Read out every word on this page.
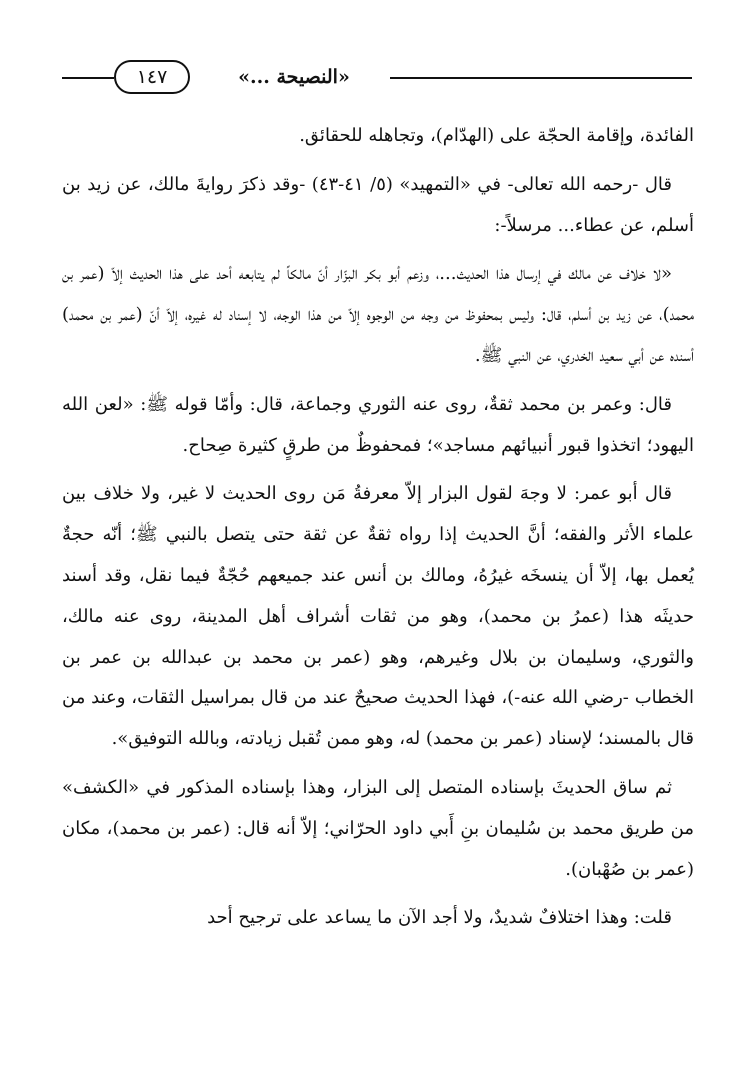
١٤٧	«النصيحة ...»

الفائدة، وإقامة الحجّة على (الهدّام)، وتجاهله للحقائق.

قال -رحمه الله تعالى- في «التمهيد» (٥/ ٤١-٤٣) -وقد ذكرَ روايةَ مالك، عن زيد بن أسلم، عن عطاء... مرسلاً-:

«لا خلاف عن مالك في إرسال هذا الحديث...، وزعم أبو بكر البزّار أنّ مالكاً لم يتابعه أحد على هذا الحديث إلاّ (عمر بن محمد)، عن زيد بن أسلم، قال: وليس بمحفوظ من وجه من الوجوه إلاّ من هذا الوجه، لا إسناد له غيره، إلاّ أنّ (عمر بن محمد) أسنده عن أبي سعيد الخدري، عن النبي ﷺ.

قال: وعمر بن محمد ثقةٌ، روى عنه الثوري وجماعة، قال: وأمّا قوله ﷺ: «لعن الله اليهود؛ اتخذوا قبور أنبيائهم مساجد»؛ فمحفوظٌ من طرقٍ كثيرة صِحاح.

قال أبو عمر: لا وجهَ لقول البزار إلاّ معرفةُ مَن روى الحديث لا غير، ولا خلاف بين علماء الأثر والفقه؛ أنَّ الحديث إذا رواه ثقةٌ عن ثقة حتى يتصل بالنبي ﷺ؛ أنّه حجةٌ يُعمل بها، إلاّ أن ينسخَه غيرُهُ، ومالك بن أنس عند جميعهم حُجّةٌ فيما نقل، وقد أسند حديثَه هذا (عمرُ بن محمد)، وهو من ثقات أشراف أهل المدينة، روى عنه مالك، والثوري، وسليمان بن بلال وغيرهم، وهو (عمر بن محمد بن عبدالله بن عمر بن الخطاب -رضي الله عنه-)، فهذا الحديث صحيحٌ عند من قال بمراسيل الثقات، وعند من قال بالمسند؛ لإسناد (عمر بن محمد) له، وهو ممن تُقبل زيادته، وبالله التوفيق».

ثم ساق الحديثَ بإسناده المتصل إلى البزار، وهذا بإسناده المذكور في «الكشف» من طريق محمد بن سُليمان بنِ أَبي داود الحرّاني؛ إلاّ أنه قال: (عمر بن محمد)، مكان (عمر بن صُهْبان).

قلت: وهذا اختلافٌ شديدٌ، ولا أجد الآن ما يساعد على ترجيح أحد
